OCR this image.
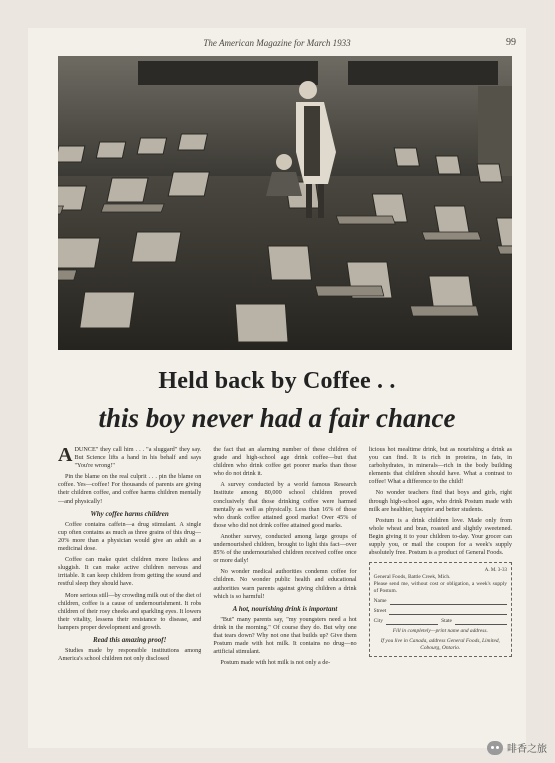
The American Magazine for March 1933	99
Held back by Coffee . .
this boy never had a fair chance

ADUNCE" they call him . . . "a sluggard" they say. But Science lifts a hand in his behalf and says "You're wrong!"

Pin the blame on the real culprit . . . pin the blame on coffee. Yes—coffee! For thousands of parents are giving their children coffee, and coffee harms children mentally—and physically!

Why coffee harms children

Coffee contains caffein—a drug stimulant. A single cup often contains as much as three grains of this drug—20% more than a physician would give an adult as a medicinal dose.

Coffee can make quiet children more listless and sluggish. It can make active children nervous and irritable. It can keep children from getting the sound and restful sleep they should have.

More serious still—by crowding milk out of the diet of children, coffee is a cause of undernourishment. It robs children of their rosy cheeks and sparkling eyes. It lowers their vitality, lessens their resistance to disease, and hampers proper development and growth.

Read this amazing proof!

Studies made by responsible institutions among America's school children not only disclosed

the fact that an alarming number of these children of grade and high-school age drink coffee—but that children who drink coffee get poorer marks than those who do not drink it.

A survey conducted by a world famous Research Institute among 80,000 school children proved conclusively that those drinking coffee were harmed mentally as well as physically. Less than 16% of those who drank coffee attained good marks! Over 45% of those who did not drink coffee attained good marks.

Another survey, conducted among large groups of undernourished children, brought to light this fact—over 85% of the undernourished children received coffee once or more daily!

No wonder medical authorities condemn coffee for children. No wonder public health and educational authorities warn parents against giving children a drink which is so harmful!

A hot, nourishing drink is important

"But" many parents say, "my youngsters need a hot drink in the morning." Of course they do. But why one that tears down? Why not one that builds up? Give them Postum made with hot milk. It contains no drug—no artificial stimulant.

Postum made with hot milk is not only a de-

licious hot mealtime drink, but as nourishing a drink as you can find. It is rich in proteins, in fats, in carbohydrates, in minerals—rich in the body building elements that children should have. What a contrast to coffee! What a difference to the child!

No wonder teachers find that boys and girls, right through high-school ages, who drink Postum made with milk are healthier, happier and better students.

Postum is a drink children love. Made only from whole wheat and bran, roasted and slightly sweetened. Begin giving it to your children to-day. Your grocer can supply you, or mail the coupon for a week's supply absolutely free. Postum is a product of General Foods.

A. M. 3-33
General Foods, Battle Creek, Mich.
Please send me, without cost or obligation, a week's supply of Postum.
Name
Street
City	State
Fill in completely—print name and address.
If you live in Canada, address General Foods, Limited, Cobourg, Ontario.
啡香之旅
